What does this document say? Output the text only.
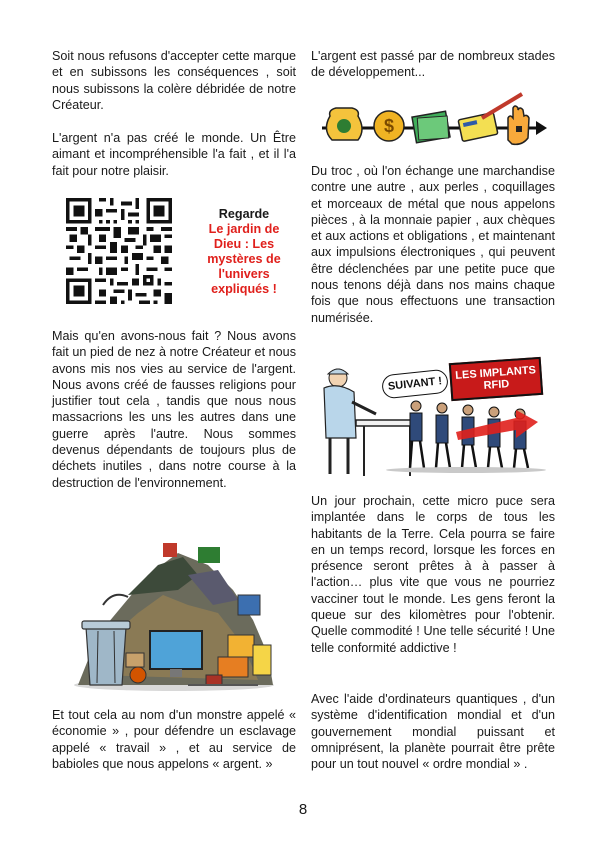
Soit nous refusons d'accepter cette marque et en subissons les conséquences , soit nous subissons la colère débridée de notre Créateur.
L'argent n'a pas créé le monde. Un Être aimant et incompréhensible l'a fait , et il l'a fait pour notre plaisir.
Regarde
Le jardin de Dieu : Les mystères de l'univers expliqués !
Mais qu'en avons-nous fait ? Nous avons fait un pied de nez à notre Créateur et nous avons mis nos vies au service de l'argent. Nous avons créé de fausses religions pour justifier tout cela , tandis que nous nous massacrions les uns les autres dans une guerre après l'autre. Nous sommes devenus dépendants de toujours plus de déchets inutiles , dans notre course à la destruction de l'environnement.
Et tout cela au nom d'un monstre appelé « économie » , pour défendre un esclavage appelé « travail » , et au service de babioles que nous appelons « argent. »
L'argent est passé par de nombreux stades de développement...
$
Du troc , où l'on échange une marchandise contre une autre , aux perles , coquillages et morceaux de métal que nous appelons pièces , à la monnaie papier , aux chèques et aux actions et obligations , et maintenant aux impulsions électroniques , qui peuvent être déclenchées par une petite puce que nous tenons déjà dans nos mains chaque fois que nous effectuons une transaction numérisée.
SUIVANT !
LES IMPLANTS RFID
Un jour prochain, cette micro puce sera implantée dans le corps de tous les habitants de la Terre. Cela pourra se faire en un temps record, lorsque les forces en présence seront prêtes à à passer à l'action… plus vite que vous ne pourriez vacciner tout le monde. Les gens feront la queue sur des kilomètres pour l'obtenir. Quelle commodité ! Une telle sécurité ! Une telle conformité addictive !
Avec l'aide d'ordinateurs quantiques , d'un système d'identification mondial et d'un gouvernement mondial puissant et omniprésent, la planète pourrait être prête pour un tout nouvel « ordre mondial » .
8
